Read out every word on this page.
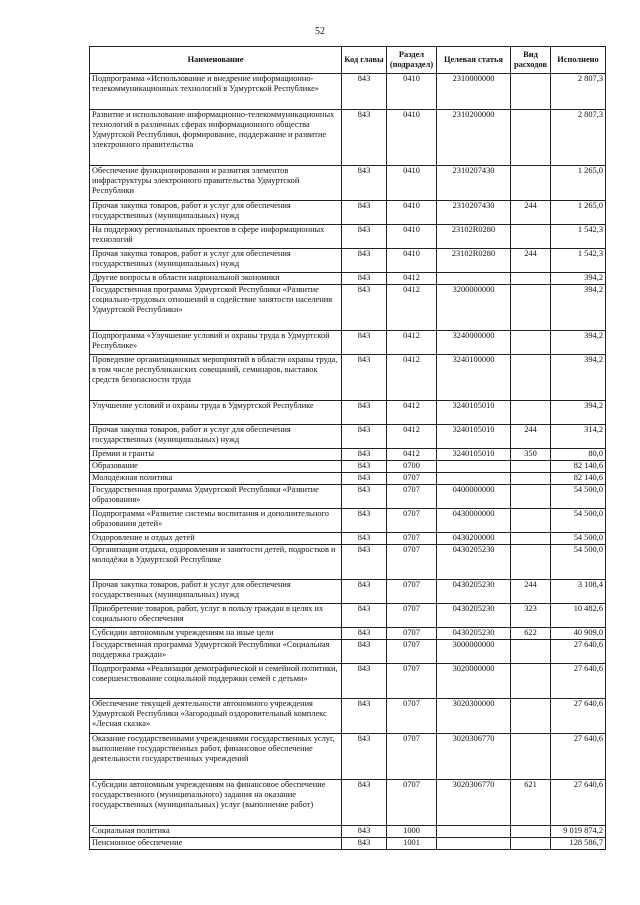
52
Наименование	Код главы	Раздел (подраздел)	Целевая статья	Вид расходов	Исполнено
Подпрограмма «Использование и внедрение информационно-телекоммуникационных технологий в Удмуртской Республике»	843	0410	2310000000		2 807,3
Развитие и использование информационно-телекоммуникационных технологий в различных сферах информационного общества Удмуртской Республики, формирование, поддержание и развитие электронного правительства	843	0410	2310200000		2 807,3
Обеспечение функционирования и развития элементов инфраструктуры электронного правительства Удмуртской Республики	843	0410	2310207430		1 265,0
Прочая закупка товаров, работ и услуг для обеспечения государственных (муниципальных) нужд	843	0410	2310207430	244	1 265,0
На поддержку региональных проектов в сфере информационных технологий	843	0410	23102R0280		1 542,3
Прочая закупка товаров, работ и услуг для обеспечения государственных (муниципальных) нужд	843	0410	23102R0280	244	1 542,3
Другие вопросы в области национальной экономики	843	0412			394,2
Государственная программа Удмуртской Республики «Развитие социально-трудовых отношений и содействие занятости населения Удмуртской Республики»	843	0412	3200000000		394,2
Подпрограмма «Улучшение условий и охраны труда в Удмуртской Республике»	843	0412	3240000000		394,2
Проведение организационных мероприятий в области охраны труда, в том числе республиканских совещаний, семинаров, выставок средств безопасности труда	843	0412	3240100000		394,2
Улучшение условий и охраны труда в Удмуртской Республике	843	0412	3240105010		394,2
Прочая закупка товаров, работ и услуг для обеспечения государственных (муниципальных) нужд	843	0412	3240105010	244	314,2
Премии и гранты	843	0412	3240105010	350	80,0
Образование	843	0700			82 140,6
Молодёжная политика	843	0707			82 140,6
Государственная программа Удмуртской Республики «Развитие образования»	843	0707	0400000000		54 500,0
Подпрограмма «Развитие системы воспитания и дополнительного образования детей»	843	0707	0430000000		54 500,0
Оздоровление и отдых детей	843	0707	0430200000		54 500,0
Организация отдыха, оздоровления и занятости детей, подростков и молодёжи в Удмуртской Республике	843	0707	0430205230		54 500,0
Прочая закупка товаров, работ и услуг для обеспечения государственных (муниципальных) нужд	843	0707	0430205230	244	3 108,4
Приобретение товаров, работ, услуг в пользу граждан в целях их социального обеспечения	843	0707	0430205230	323	10 482,6
Субсидии автономным учреждениям на иные цели	843	0707	0430205230	622	40 909,0
Государственная программа Удмуртской Республики «Социальная поддержка граждан»	843	0707	3000000000		27 640,6
Подпрограмма «Реализация демографической и семейной политики, совершенствование социальной поддержки семей с детьми»	843	0707	3020000000		27 640,6
Обеспечение текущей деятельности автономного учреждения Удмуртской Республики «Загородный оздоровительный комплекс «Лесная сказка»	843	0707	3020300000		27 640,6
Оказание государственными учреждениями государственных услуг, выполнение государственных работ, финансовое обеспечение деятельности государственных учреждений	843	0707	3020306770		27 640,6
Субсидии автономным учреждениям на финансовое обеспечение государственного (муниципального) задания на оказание государственных (муниципальных) услуг (выполнение работ)	843	0707	3020306770	621	27 640,6
Социальная политика	843	1000			9 019 874,2
Пенсионное обеспечение	843	1001			128 586,7
